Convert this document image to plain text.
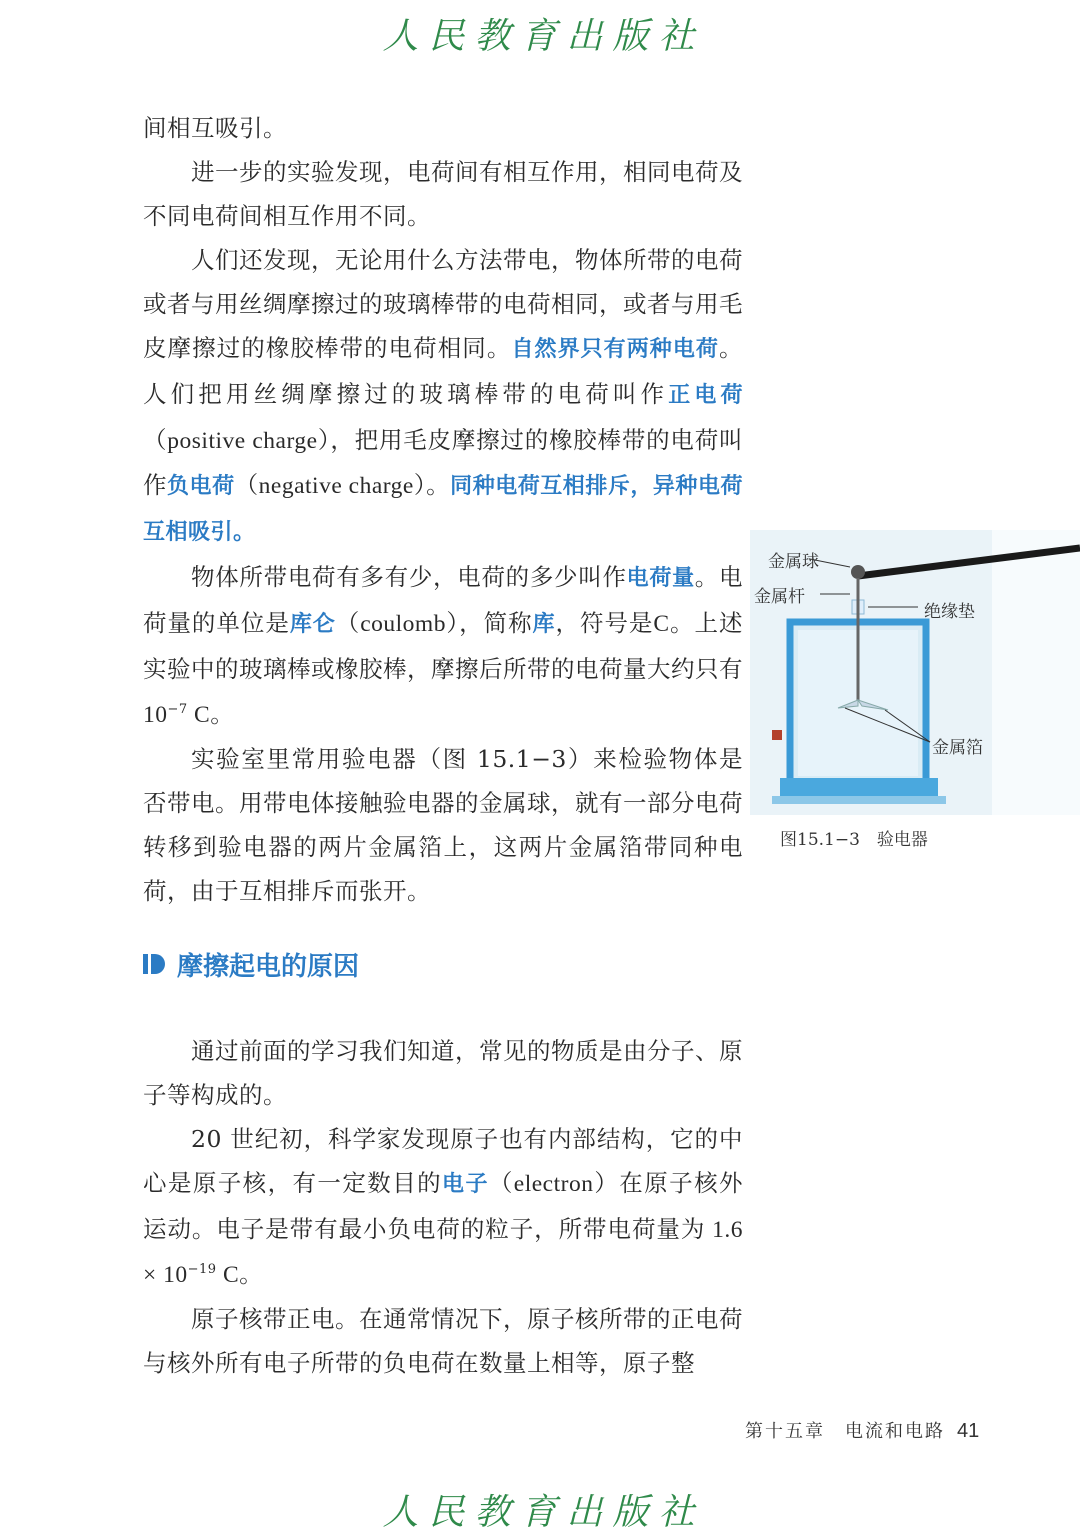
人民教育出版社

间相互吸引。

进一步的实验发现，电荷间有相互作用，相同电荷及不同电荷间相互作用不同。

人们还发现，无论用什么方法带电，物体所带的电荷或者与用丝绸摩擦过的玻璃棒带的电荷相同，或者与用毛皮摩擦过的橡胶棒带的电荷相同。自然界只有两种电荷。人们把用丝绸摩擦过的玻璃棒带的电荷叫作正电荷（positive charge），把用毛皮摩擦过的橡胶棒带的电荷叫作负电荷（negative charge）。同种电荷互相排斥，异种电荷互相吸引。

物体所带电荷有多有少，电荷的多少叫作电荷量。电荷量的单位是库仑（coulomb），简称库，符号是C。上述实验中的玻璃棒或橡胶棒，摩擦后所带的电荷量大约只有 $10^{-7}$ C。

实验室里常用验电器（图 15.1−3）来检验物体是否带电。用带电体接触验电器的金属球，就有一部分电荷转移到验电器的两片金属箔上，这两片金属箔带同种电荷，由于互相排斥而张开。

金属球
金属杆
绝缘垫
金属箔
图15.1−3　验电器
摩擦起电的原因

通过前面的学习我们知道，常见的物质是由分子、原子等构成的。

20 世纪初，科学家发现原子也有内部结构，它的中心是原子核，有一定数目的电子（electron）在原子核外运动。电子是带有最小负电荷的粒子，所带电荷量为 $1.6 \times 10^{-19}$ C。

原子核带正电。在通常情况下，原子核所带的正电荷与核外所有电子所带的负电荷在数量上相等，原子整

第十五章　电流和电路 41
人民教育出版社
